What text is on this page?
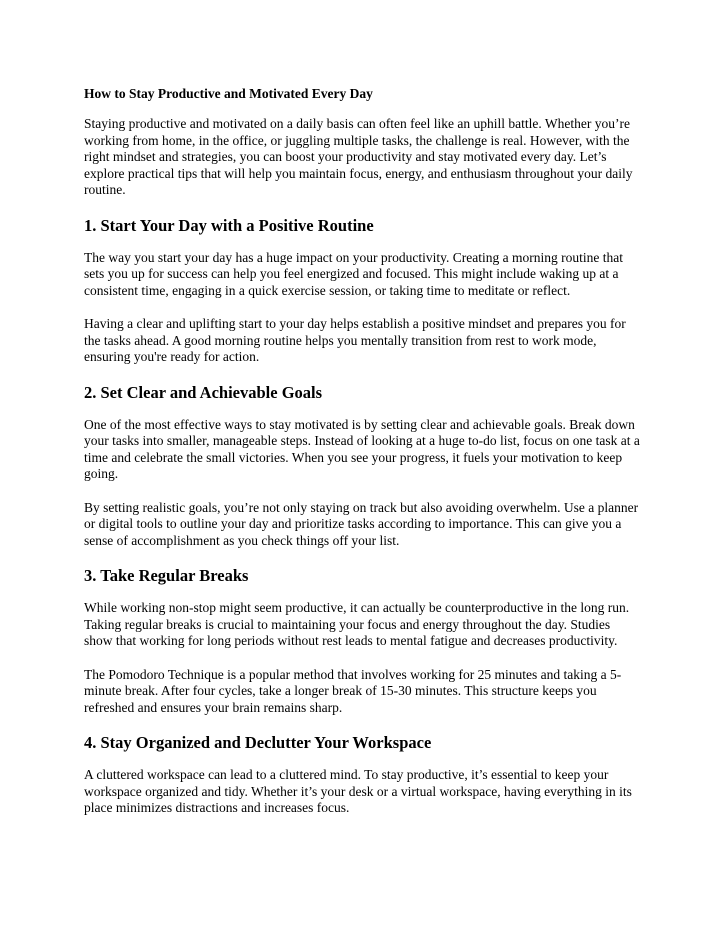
How to Stay Productive and Motivated Every Day

Staying productive and motivated on a daily basis can often feel like an uphill battle. Whether you’re working from home, in the office, or juggling multiple tasks, the challenge is real. However, with the right mindset and strategies, you can boost your productivity and stay motivated every day. Let’s explore practical tips that will help you maintain focus, energy, and enthusiasm throughout your daily routine.

1. Start Your Day with a Positive Routine

The way you start your day has a huge impact on your productivity. Creating a morning routine that sets you up for success can help you feel energized and focused. This might include waking up at a consistent time, engaging in a quick exercise session, or taking time to meditate or reflect.

Having a clear and uplifting start to your day helps establish a positive mindset and prepares you for the tasks ahead. A good morning routine helps you mentally transition from rest to work mode, ensuring you're ready for action.

2. Set Clear and Achievable Goals

One of the most effective ways to stay motivated is by setting clear and achievable goals. Break down your tasks into smaller, manageable steps. Instead of looking at a huge to-do list, focus on one task at a time and celebrate the small victories. When you see your progress, it fuels your motivation to keep going.

By setting realistic goals, you’re not only staying on track but also avoiding overwhelm. Use a planner or digital tools to outline your day and prioritize tasks according to importance. This can give you a sense of accomplishment as you check things off your list.

3. Take Regular Breaks

While working non-stop might seem productive, it can actually be counterproductive in the long run. Taking regular breaks is crucial to maintaining your focus and energy throughout the day. Studies show that working for long periods without rest leads to mental fatigue and decreases productivity.

The Pomodoro Technique is a popular method that involves working for 25 minutes and taking a 5-minute break. After four cycles, take a longer break of 15-30 minutes. This structure keeps you refreshed and ensures your brain remains sharp.

4. Stay Organized and Declutter Your Workspace

A cluttered workspace can lead to a cluttered mind. To stay productive, it’s essential to keep your workspace organized and tidy. Whether it’s your desk or a virtual workspace, having everything in its place minimizes distractions and increases focus.
